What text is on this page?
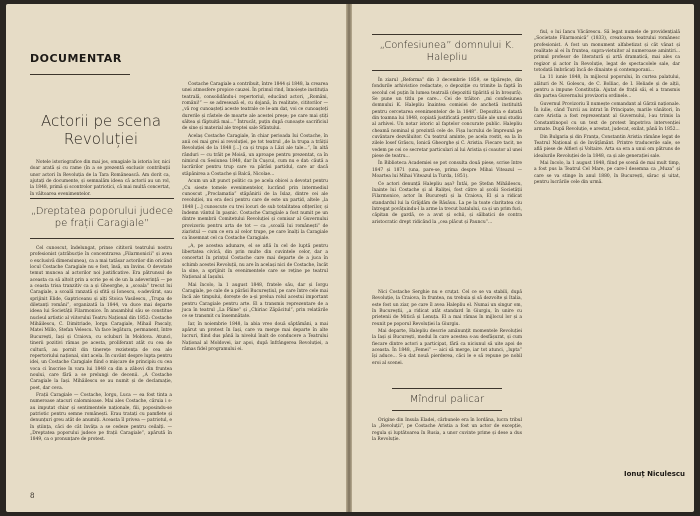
DOCUMENTAR
Actorii pe scena Revoluției

Notele istoriografice din mai jos, omagiale la istoria lor, nici doar arată și cu rame (în a se prezentă exclusiv contribuții unor actori în Revoluția de la Tara Românească. Am dorit ca, ajutați de documente, și semnalăm ideea că actorii au un rol, la 1848, primă și scontrolor patriotici, că mai multă concertat, în vâltoarea evenimentelor.

„Dreptatea poporului judece pe frații Caragiale”

Cel cunoscut, îndelungat, prinse cititorii teatrului nostru profesionist (atrăbucție în concentrarea „Filarmonicii” și avea o exclusivă dimensiunea), ca a mai tatăsar actorilor din oricând locul Costache Caragiale nu e fost, însă, un învins. O devotate temut muncea al actorilor noi justificative. Era pătrunsul de aceasta ca să altoit prin a scrie pe ei de un la adeverință — pe a ceasta trisa tranzitiv ca a și Gheorghe, a „scoala” trecut lui Caragiale, a scoală ranzată și sfită și Ionescu, s-adevărat, sau sprijinit Elide, Gaptriceanu și alți Stoica Vasilescu, „Trupa de diletanți români”, organizată la 1844, va duce mai departe ideea lui Societății Filarmonice. În ansamblul său se constitue nucleul artistic al viitorului Teatru Național din 1852: Costache Mihăilescu, C. Dimitriade, Iorgu Caragiale, Mihail Pascaly, Matei Millo, Stefan Velescu. Va face legătura, permanent, între București, Iași și Craiova, cu scluburi în Moldova. Atunci, tinerii pozitivi rămas pe acesta, proliferant atât cu cea de cultură, au pornit din tinerețe rezistența de cea ale repertoriului național, sint acela. În cuvânt despre lupta pentru idei, un Costache Caragiale fiind o mișcare de principiu cu cea voca ci înscrise în vara lui 1848 ca din a zăbovi din fruntea noului, care fără a se prelungi de decenii. „A Costache Caragiale la Iași. Mihăilescu se au numit și de declamație, poet, dar ceva.

Frații Caragiale — Costache, Iorgu, Luca — ea fost tinta a numeroase atacuri calomnioase. Mai ales Costache, căruia i s-au imputat chiar și sentimentele naționale, fiii, poposindu-se patriotic pentru semne românești. Erau tratați cu pamflete și denunțuri greu atât de anumiți. Aceasta îl privea — patriotul, e în știința, căci de cât învăța a se cedeze pentru ceilalți. — „Dreptatea poporului judece pe frații Caragiale”, apărută în 1849, ca o pronunțare de protest.

Costache Caragiale a contribuit, între 1844 și 1848, la crearea unei atmosfere propice cauzei. În primul rind, înnoiește instituția teatrală, consolidându-i repertoriul, educând actori, „Români, români!” — se adresează el, cu dojană, în realitate, cititorilor — „vă rog cunoașteți aceste teatrale ce le-am dat, voi ce cunoașteți durerile și răstele de moarte ale acestei preșe; pe care mai știți săltea și făptuită mai...” Întrucât, puțin după cunoaște sacrificiul de sine și material ale treptei sale Sfântului.

Acelaș Costache Caragiale, în chiar perioada Iui Costache, în anii cei mai grei ai revoluției, pe tot teatrul „de la trupa a trăiții Revoluției de la 1848 [...] ca și trupa a Lăzi ale tale...”, în altă rânduri — cu trăit pe Moisă, un aproape pentru prezentat, ca în nimicul cu Sesiunea 1848, dar în Cușcui, cum nu e dat: căută a lucrărilor pentru trup care va părăsi partidul, care ar dacă stăpânirea a Costache și Balcă, Nicolae...

Acum un alt punct politic ca pe acela obicei a devotat pentru „Cu sieste tomele evenimentelor, lucrând prin intermediul cunoscut „Proclamatia” stăpânirii de la Islaz, dintre cei ale revoluției, nu era deci pentru care de este un partid, altele „la 1848 [...] cunoscute cu trei locuri de sub totalitatea ofițerilor, și îndemn vântul în pașnic. Costache Caragiale a fost numit pe un dintre membrii Comitetului Revoluției și comisar al Guvernului provizoriu pentru arta de tot — ca „scoală lui românești” de ziaristul — cum ce era al celor trupe, pe care înalți la Caragiale ca însemnat cel ca Costache Caragiale.

„A, pe acestea adunare, el se află în cel de luptă pentru libertatea civică, din prin multe din cuvintele celor, dar a concertat în prințul Costache care mai departe de a juca în schimb acestei Revoluții, nu are în același nici de Costache, încât la sine, a sprijinit în evenimentele care se reține pe teatrul Național al Iașului.

Mai încolo, la 1 august 1848, fratele său, dar și Iorgu Caragiale, pe cale de a părăsi Bucureștiul, pe care între cele mai încă ale timpului, dorește de a-și prelua rolul acestui important pentru Caragiale pentru arte. El a transmis reprezentare de a juca în teatrul „La Pâine” și „Chiriac Zăpăcitul”, prin relatările ce se transmit cu însemnătate.

Iar, în noiembrie 1848, la abia vreo două săptămâni, a mai apărut un protest în Iași, care va merge mai departe în alte lucruri, fiind dus până la nivelul înalt de conducere a Teatrului Național al Moldovei, iar apoi, după înfrângerea Revoluției, a rămas fidel programului ei.

8
„Confesiunea” domnului K. Halepliu

În ziarul „Reforma” din 3 decembrie 1859, se tipărește, din fondurile arhivistice redactate, o depoziție cu trimite la faptă în secolul cel puțin în lumea teatrală (depozitii tipărită și în broșură). Se pune un titlu pe care... Cei de trăitor: „mi confesiunea domnului K. Halepliu înaintea comisiei de anchetă instituită pentru cercetarea evenimentelor de la 1848”. Depozitia e datată din toamna lui 1848, copiată justificată pentru tăile ale unui studiu al arhivei. Un notar istoric al faptelor concurate public. Halepliu cheamă nominal și prezintă cele de. Fișa lucrului de împreună pe cuvântare dezvăluitor. Cu teatrul aminte, pe acela rostit, ea la în zilele Iosef Grăscu, Ionică Gheorghe și C. Aristia. Fiecare tacit, ne vedem pe cei ce secretar particulari al lui Aristia și coautor al unei piese de teatru...

În Biblioteca Academiei se pot consulta două piese, scrise între 1847 și 1871 (una, pare-se, prima despre Mihai Viteazul — Moartea lui Mihai Viteazul la Turda, 1851).

Ce actori denunță Halepliu așa? Întâi, pe Ștefan Mihăilescu, înainte lui Costache și al Raliței, fost către al școlii Societății Filarmonice, actor în București și la Craiova, El și a ridicat standardul lui la Grăjdăm de Răsăuu. La pe la toate claritatea ciu întregat povățuindu-l la arme la trecut batalului, ca și un prim fuci, căpitan de gardă, ce a avut și ochii, și sălbatici de contra aristocratic drept ridicând la „cea plăcut și Pauncu”...

Nici Costache Serghie nu e cruțat. Cel ce se va stabili, după Revoluție, la Craiova, în fruntea, nu trebuia și să dezvolte și Italia, este fost un ziar, pe care îl avea Halepliu el. Numai un singur om, în Bucureștii, „a ridicat atât standard în Giurgiu, în unire cu prietenii de Mitică și Lenuța. El a mai rămas în mijlocul lor și a reunit pe poporul Revoluției la Giurgiu.

Mai departe, Halepliu descrie amănunțit momentele Revoluției la Iași și București, modul în care acestea s-au desfășurat, și cum fiecare dintre actori a participat, fără ca niciunul să uite apoi de aceasta. În 1848, „Femei” — aici să merge, iar tot atunci, „lupta” își aduce... S-a dat nouă pierderea, căci le e să repune pe nobil eroi al scenei.

Mîndrul palicar

Origine din Insula Eladei, cărbunele era în Iordăna, lucra tribul la „Revoluții”, pe Costache Aristia a fost un actor de excepție, regula și luptătoarea în Rusia, a unor cuvinte prime și dese a dus la Revoluție.

fiul, o lui Iancu Văcărescu. Să legat numele de providențială „Societate Filarmonică” (1833), creatoarea teatrului românesc profesionist. A fost un monument alfabetizat și cât vânat și realitate al ei în fruntea, supra-vietuitor al numeroase amintiri... primul profesor de literatură și artă dramatică, mai ales ca regizor și actor în Revoluție, legat de spectacolele sale, dar totodată îmbrăcați încă de dinainte și contemporani...

La 11 iunie 1848, în mijlocul poporului, în curtea palatului, alături de N. Golescu, de C. Bolliac, de I. Heliade și de alții, pentru a impune Constituția. Ajutat de frații săi, el a transmis din partea Guvernului provizoriu ordinele...

Guvernul Provizoriu îl numește comandant al Gărzii naționale. În iulie, când Turcii au intrat în Principate, marile vânători, în care Aristia a fost reprezentant al Guvernului, l-au trimis la Constantinopol cu un text de protest împotriva intervenției armate. După Revoluție, e arestat, judecat, exilat, până în 1852...

Din Bulgaria și din Franța, Constantin Aristia rămâne legat de Teatrul Național și de învățământ. Printre traducerile sale, se află piese de Alfieri și Voltaire. Arta sa era a unui om pătruns de idealurile Revoluției de la 1848, ca și ale generației sale.

Mai încolo, la 1 august 1848, fiind pe scenă de mai mult timp, a fost pus la Teatrul Cel Mare, pe care-l desemna ca „Muza” și care se va stinge în anul 1880, în București, sărac și uitat, pentru lucrările cele din urmă.

Ionuț Niculescu
